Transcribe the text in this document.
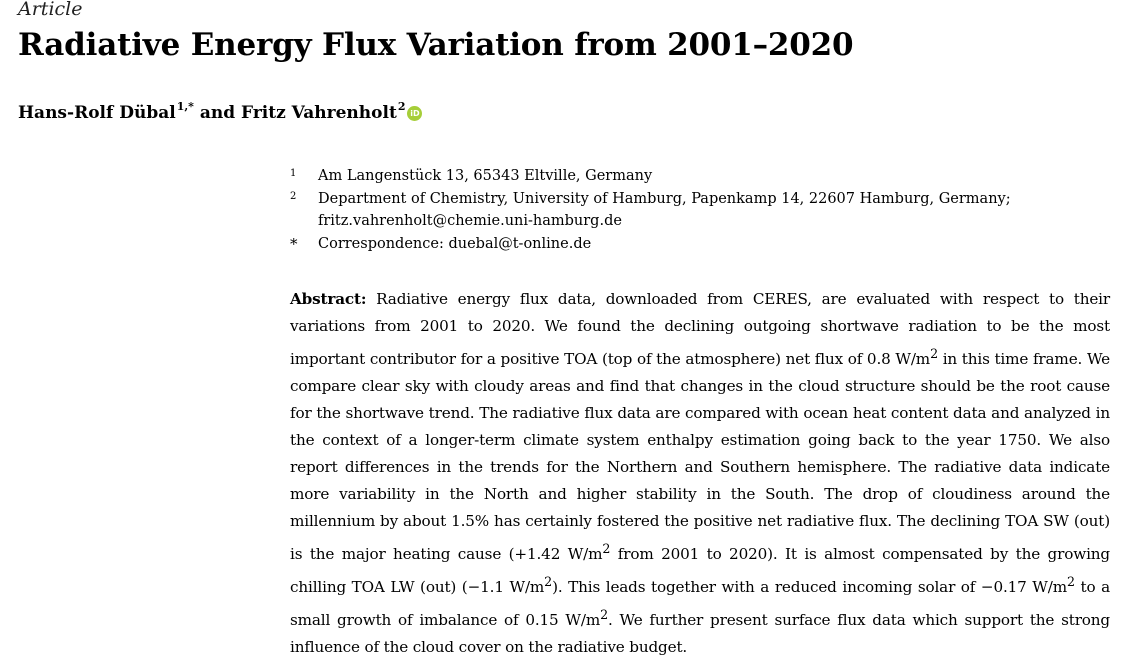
Article
Radiative Energy Flux Variation from 2001–2020
Hans-Rolf Dübal$^{1,*}$ and Fritz Vahrenholt$^2$iD
1	Am Langenstück 13, 65343 Eltville, Germany
2	Department of Chemistry, University of Hamburg, Papenkamp 14, 22607 Hamburg, Germany;
fritz.vahrenholt@chemie.uni-hamburg.de
*	Correspondence: duebal@t-online.de

Abstract: Radiative energy flux data, downloaded from CERES, are evaluated with respect to their variations from 2001 to 2020. We found the declining outgoing shortwave radiation to be the most important contributor for a positive TOA (top of the atmosphere) net flux of 0.8 $W/m^2$ in this time frame. We compare clear sky with cloudy areas and find that changes in the cloud structure should be the root cause for the shortwave trend. The radiative flux data are compared with ocean heat content data and analyzed in the context of a longer-term climate system enthalpy estimation going back to the year 1750. We also report differences in the trends for the Northern and Southern hemisphere. The radiative data indicate more variability in the North and higher stability in the South. The drop of cloudiness around the millennium by about 1.5% has certainly fostered the positive net radiative flux. The declining TOA SW (out) is the major heating cause (+1.42 $W/m^2$ from 2001 to 2020). It is almost compensated by the growing chilling TOA LW (out) (−1.1 $W/m^2$). This leads together with a reduced incoming solar of −0.17 $W/m^2$ to a small growth of imbalance of 0.15 $W/m^2$. We further present surface flux data which support the strong influence of the cloud cover on the radiative budget.
